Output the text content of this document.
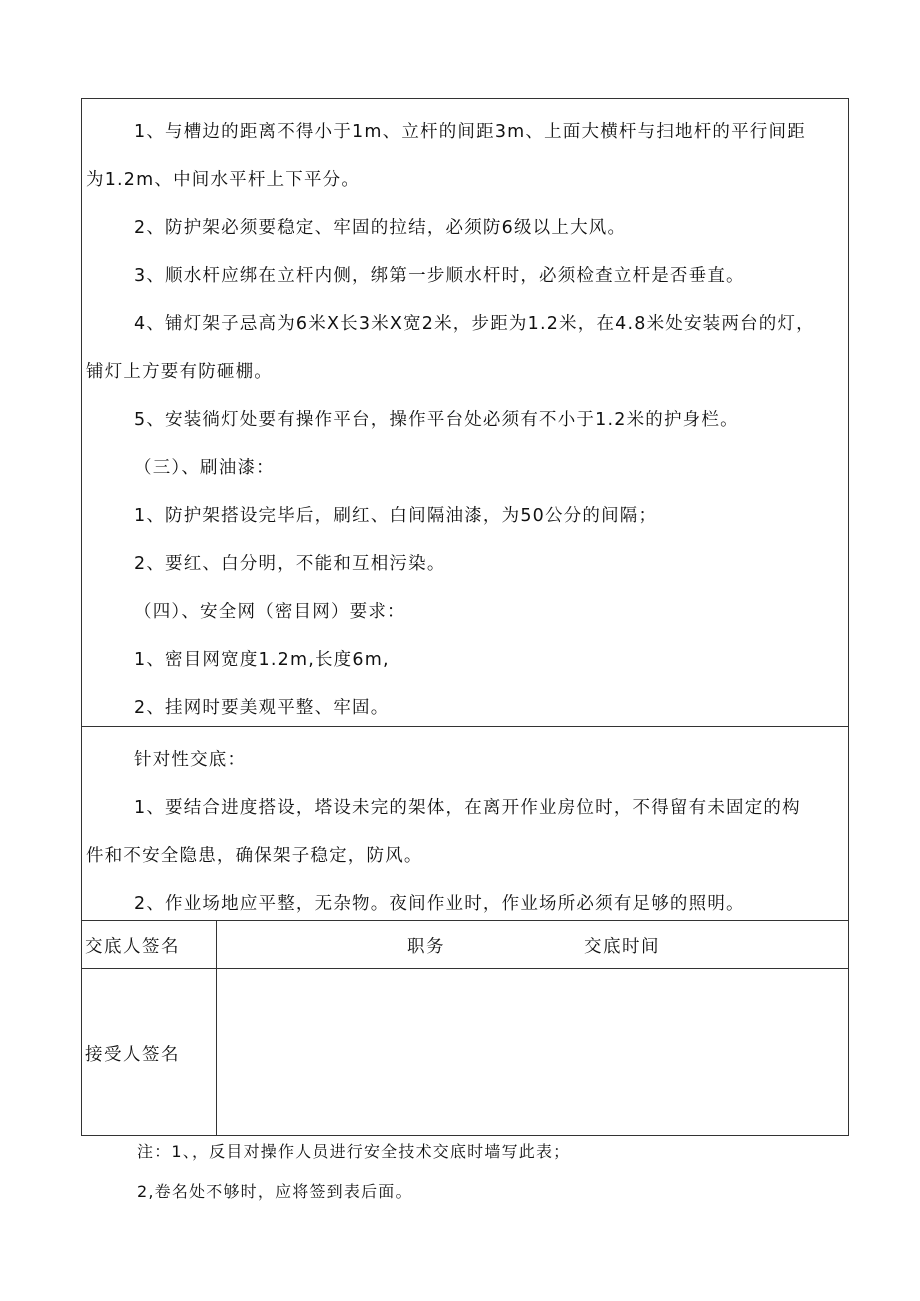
1、与槽边的距离不得小于1m、立杆的间距3m、上面大横杆与扫地杆的平行间距
为1.2m、中间水平杆上下平分。
2、防护架必须要稳定、牢固的拉结，必须防6级以上大风。
3、顺水杆应绑在立杆内侧，绑第一步顺水杆时，必须检查立杆是否垂直。
4、铺灯架子忌高为6米X长3米X宽2米，步距为1.2米，在4.8米处安装两台的灯，
铺灯上方要有防砸棚。
5、安装徜灯处要有操作平台，操作平台处必须有不小于1.2米的护身栏。
（三）、刷油漆：
1、防护架搭设完毕后，刷红、白间隔油漆，为50公分的间隔；
2、要红、白分明，不能和互相污染。
（四）、安全网（密目网）要求：
1、密目网宽度1.2m,长度6m,
2、挂网时要美观平整、牢固。
针对性交底：
1、要结合进度搭设，塔设未完的架体，在离开作业房位时，不得留有未固定的构
件和不安全隐患，确保架子稳定，防风。
2、作业场地应平整，无杂物。夜间作业时，作业场所必须有足够的照明。
交底人签名	职务	交底时间
接受人签名
注：1、，反目对操作人员进行安全技术交底时墙写此表；
2,卷名处不够时，应将签到表后面。
